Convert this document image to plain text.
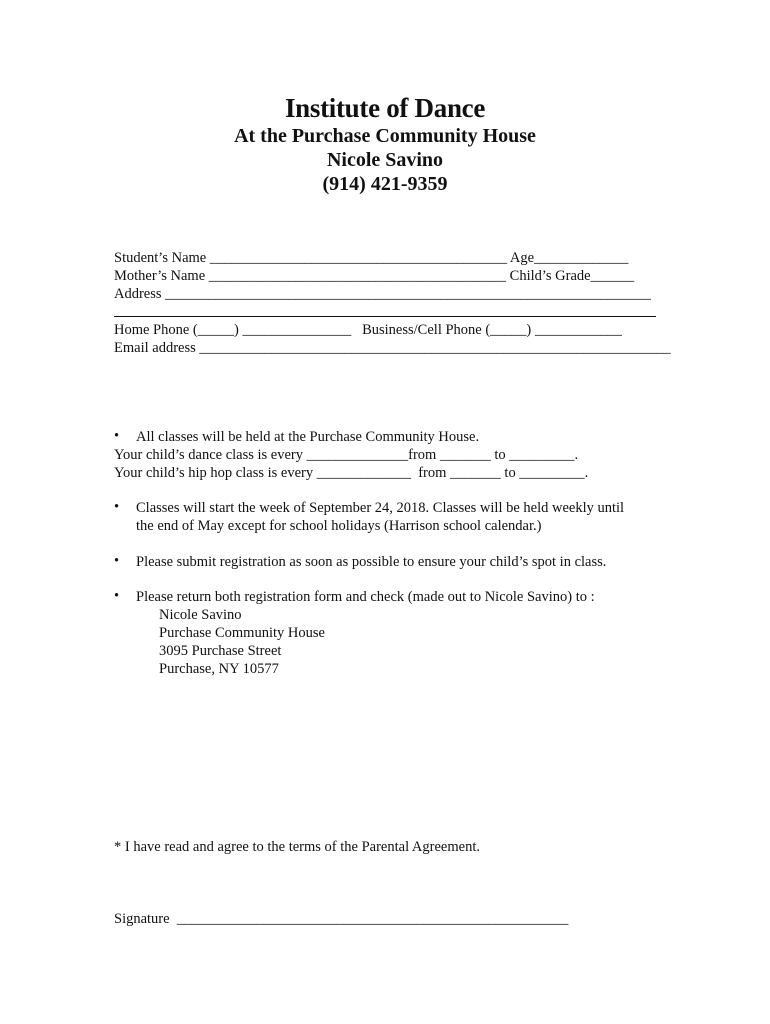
Institute of Dance
At the Purchase Community House
Nicole Savino
(914) 421-9359
Student’s Name _________________________________________ Age_____________
Mother’s Name _________________________________________ Child’s Grade______
Address ___________________________________________________________________
Home Phone (_____) _______________   Business/Cell Phone (_____) ____________
Email address _________________________________________________________________
• All classes will be held at the Purchase Community House.
Your child’s dance class is every ______________from _______ to _________.
Your child’s hip hop class is every _____________  from _______ to _________.
• Classes will start the week of September 24, 2018. Classes will be held weekly until
the end of May except for school holidays (Harrison school calendar.)
• Please submit registration as soon as possible to ensure your child’s spot in class.
• Please return both registration form and check (made out to Nicole Savino) to :
Nicole Savino
Purchase Community House
3095 Purchase Street
Purchase, NY 10577
* I have read and agree to the terms of the Parental Agreement.
Signature  ______________________________________________________
